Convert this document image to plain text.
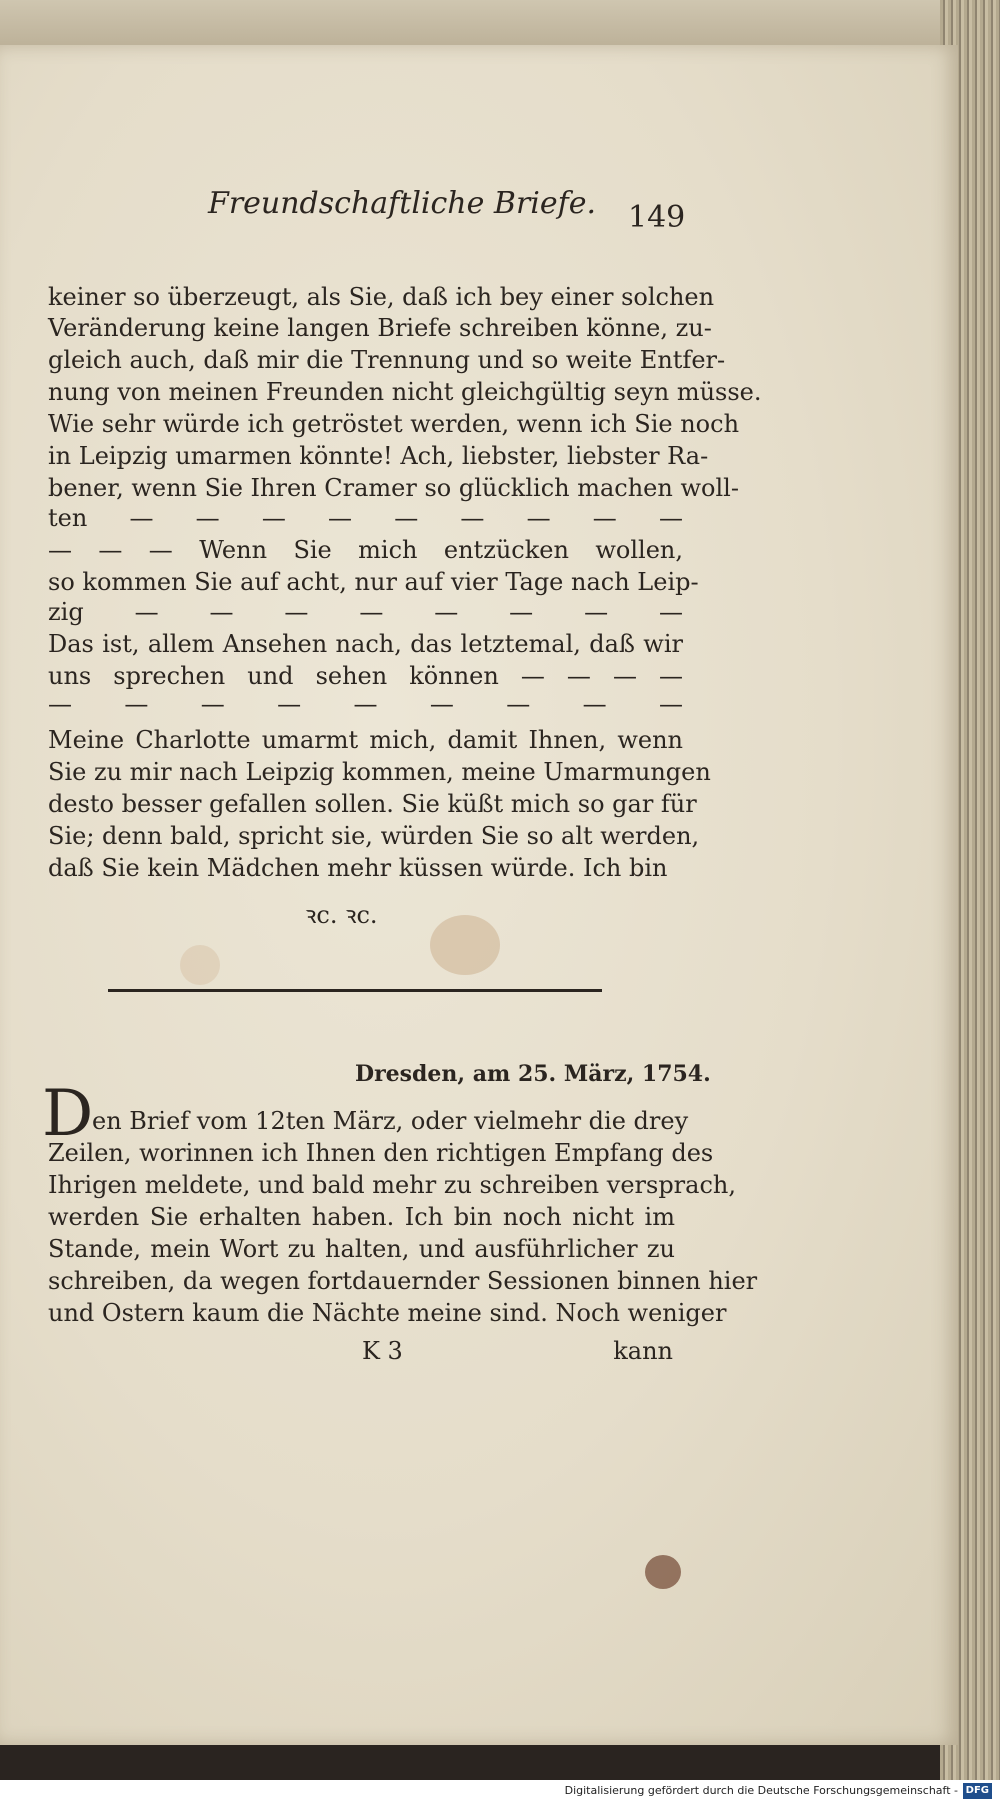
Freundschaftliche Briefe. 149
keiner so überzeugt, als Sie, daß ich bey einer solchen
Veränderung keine langen Briefe schreiben könne, zu-
gleich auch, daß mir die Trennung und so weite Entfer-
nung von meinen Freunden nicht gleichgültig seyn müsse.
Wie sehr würde ich getröstet werden, wenn ich Sie noch
in Leipzig umarmen könnte! Ach, liebster, liebster Ra-
bener, wenn Sie Ihren Cramer so glücklich machen woll-
ten — — — — — — — — —
— — — Wenn Sie mich entzücken wollen,
so kommen Sie auf acht, nur auf vier Tage nach Leip-
zig — — — — — — — —
Das ist, allem Ansehen nach, das letztemal, daß wir
uns sprechen und sehen können — — — —
— — — — — — — — —
Meine Charlotte umarmt mich, damit Ihnen, wenn
Sie zu mir nach Leipzig kommen, meine Umarmungen
desto besser gefallen sollen. Sie küßt mich so gar für
Sie; denn bald, spricht sie, würden Sie so alt werden,
daß Sie kein Mädchen mehr küssen würde. Ich bin
ꝛc. ꝛc.
Dresden, am 25. März, 1754.
D
en Brief vom 12ten März, oder vielmehr die drey
Zeilen, worinnen ich Ihnen den richtigen Empfang des
Ihrigen meldete, und bald mehr zu schreiben versprach,
werden Sie erhalten haben. Ich bin noch nicht im
Stande, mein Wort zu halten, und ausführlicher zu
schreiben, da wegen fortdauernder Sessionen binnen hier
und Ostern kaum die Nächte meine sind. Noch weniger
K 3	kann
Digitalisierung gefördert durch die Deutsche Forschungsgemeinschaft - DFG
